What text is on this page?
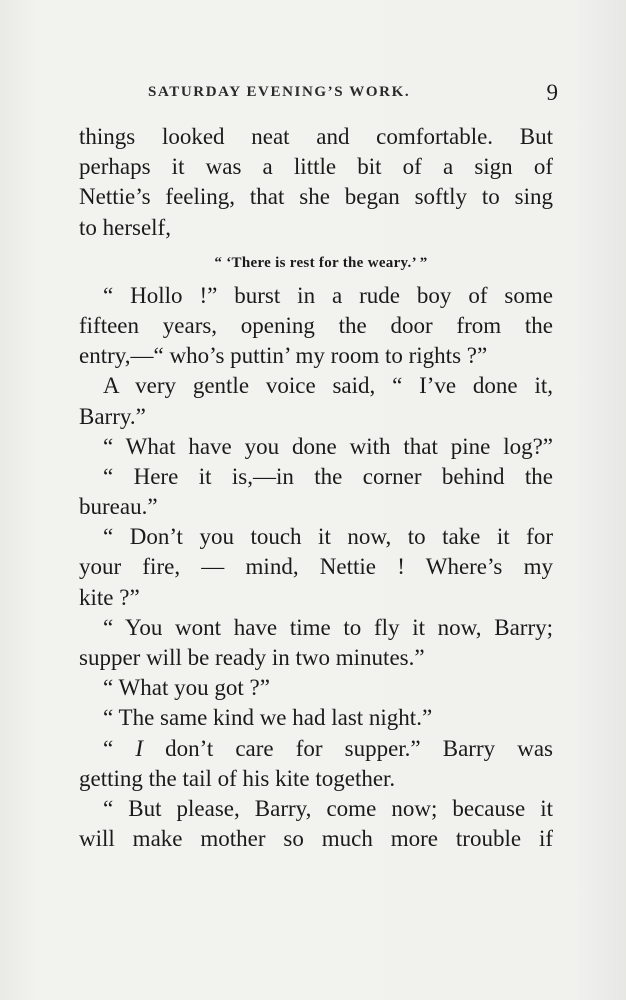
SATURDAY EVENING’S WORK.	9
things looked neat and comfortable. But
perhaps it was a little bit of a sign of
Nettie’s feeling, that she began softly to sing
to herself,
“ ‘There is rest for the weary.’ ”
“ Hollo !” burst in a rude boy of some
fifteen years, opening the door from the
entry,—“ who’s puttin’ my room to rights ?”
A very gentle voice said, “ I’ve done it,
Barry.”
“ What have you done with that pine log?”
“ Here it is,—in the corner behind the
bureau.”
“ Don’t you touch it now, to take it for
your fire, — mind, Nettie ! Where’s my
kite ?”
“ You wont have time to fly it now, Barry;
supper will be ready in two minutes.”
“ What you got ?”
“ The same kind we had last night.”
“ I don’t care for supper.” Barry was
getting the tail of his kite together.
“ But please, Barry, come now; because it
will make mother so much more trouble if
